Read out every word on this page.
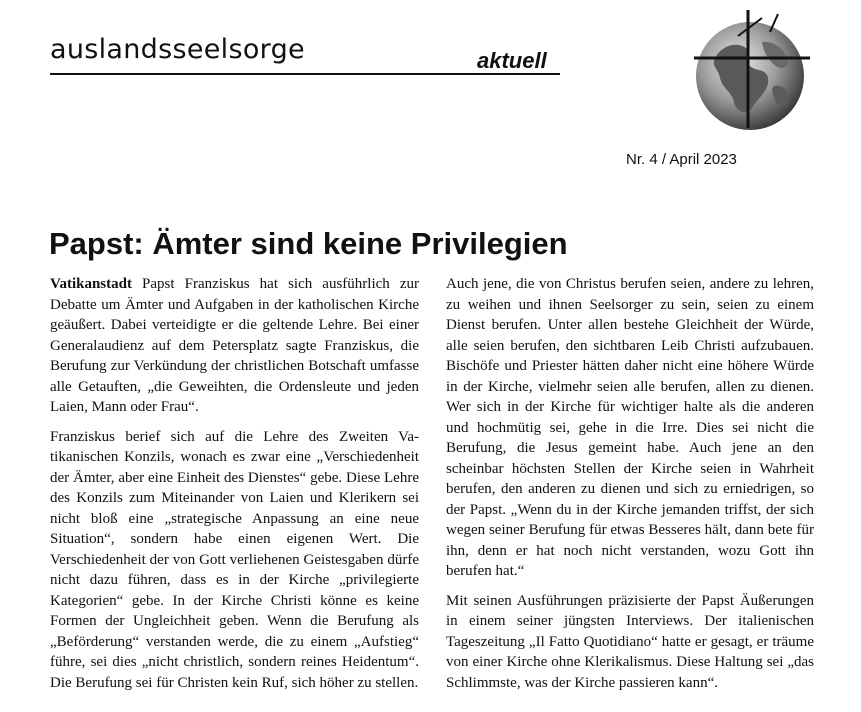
auslandsseelsorge	aktuell
Nr. 4 / April 2023
Papst: Ämter sind keine Privilegien

Vatikanstadt Papst Franziskus hat sich ausführlich zur Debatte um Ämter und Aufgaben in der katholischen Kirche geäußert. Dabei verteidigte er die geltende Lehre. Bei einer Generalaudienz auf dem Petersplatz sagte Franziskus, die Berufung zur Verkündung der christlichen Botschaft umfasse alle Getauften, „die Geweihten, die Ordensleute und jeden Laien, Mann oder Frau“.

Franziskus berief sich auf die Lehre des Zweiten Vatikanischen Konzils, wonach es zwar eine „Verschiedenheit der Ämter, aber eine Einheit des Dienstes“ gebe. Diese Lehre des Konzils zum Miteinander von Laien und Klerikern sei nicht bloß eine „strategische Anpassung an eine neue Situation“, sondern habe einen eigenen Wert. Die Verschiedenheit der von Gott verliehenen Geistesgaben dürfe nicht dazu führen, dass es in der Kirche „privilegierte Kategorien“ gebe. In der Kirche Christi könne es keine Formen der Ungleichheit geben. Wenn die Berufung als „Beförderung“ verstanden werde, die zu einem „Aufstieg“ führe, sei dies „nicht christlich, sondern reines Heidentum“. Die Berufung sei für Christen kein Ruf, sich höher zu stellen.

Auch jene, die von Christus berufen seien, andere zu lehren, zu weihen und ihnen Seelsorger zu sein, seien zu einem Dienst berufen. Unter allen bestehe Gleichheit der Würde, alle seien berufen, den sichtbaren Leib Christi aufzubauen. Bischöfe und Priester hätten daher nicht eine höhere Würde in der Kirche, vielmehr seien alle berufen, allen zu dienen. Wer sich in der Kirche für wichtiger halte als die anderen und hochmütig sei, gehe in die Irre. Dies sei nicht die Berufung, die Jesus gemeint habe. Auch jene an den scheinbar höchsten Stellen der Kirche seien in Wahrheit berufen, den anderen zu dienen und sich zu erniedrigen, so der Papst. „Wenn du in der Kirche jemanden triffst, der sich wegen seiner Berufung für etwas Besseres hält, dann bete für ihn, denn er hat noch nicht verstanden, wozu Gott ihn berufen hat.“

Mit seinen Ausführungen präzisierte der Papst Äußerungen in einem seiner jüngsten Interviews. Der italienischen Tageszeitung „Il Fatto Quotidiano“ hatte er gesagt, er träume von einer Kirche ohne Klerikalismus. Diese Haltung sei „das Schlimmste, was der Kirche passieren kann“.
